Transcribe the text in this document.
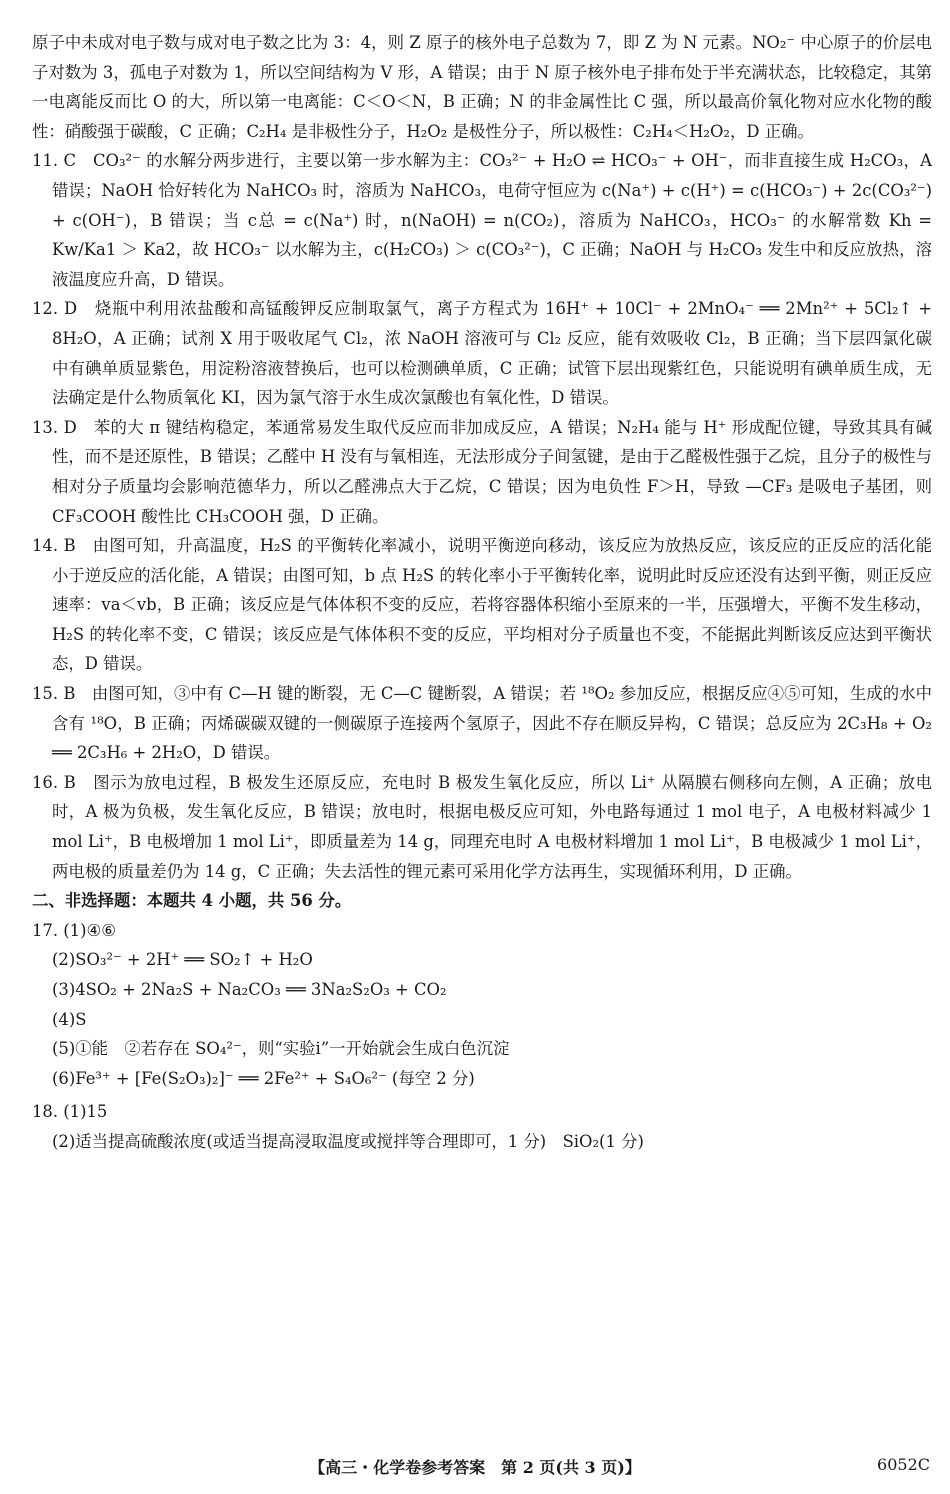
原子中未成对电子数与成对电子数之比为 3：4，则 Z 原子的核外电子总数为 7，即 Z 为 N 元素。NO₂⁻ 中心原子的价层电子对数为 3，孤电子对数为 1，所以空间结构为 V 形，A 错误；由于 N 原子核外电子排布处于半充满状态，比较稳定，其第一电离能反而比 O 的大，所以第一电离能：C＜O＜N，B 正确；N 的非金属性比 C 强，所以最高价氧化物对应水化物的酸性：硝酸强于碳酸，C 正确；C₂H₄ 是非极性分子，H₂O₂ 是极性分子，所以极性：C₂H₄＜H₂O₂，D 正确。

11. C　CO₃²⁻ 的水解分两步进行，主要以第一步水解为主：CO₃²⁻ + H₂O ⇌ HCO₃⁻ + OH⁻，而非直接生成 H₂CO₃，A 错误；NaOH 恰好转化为 NaHCO₃ 时，溶质为 NaHCO₃，电荷守恒应为 c(Na⁺) + c(H⁺) = c(HCO₃⁻) + 2c(CO₃²⁻) + c(OH⁻)，B 错误；当 c总 = c(Na⁺) 时，n(NaOH) = n(CO₂)，溶质为 NaHCO₃，HCO₃⁻ 的水解常数 Kh = Kw/Ka1 ＞ Ka2，故 HCO₃⁻ 以水解为主，c(H₂CO₃) ＞ c(CO₃²⁻)，C 正确；NaOH 与 H₂CO₃ 发生中和反应放热，溶液温度应升高，D 错误。

12. D　烧瓶中利用浓盐酸和高锰酸钾反应制取氯气，离子方程式为 16H⁺ + 10Cl⁻ + 2MnO₄⁻ ══ 2Mn²⁺ + 5Cl₂↑ + 8H₂O，A 正确；试剂 X 用于吸收尾气 Cl₂，浓 NaOH 溶液可与 Cl₂ 反应，能有效吸收 Cl₂，B 正确；当下层四氯化碳中有碘单质显紫色，用淀粉溶液替换后，也可以检测碘单质，C 正确；试管下层出现紫红色，只能说明有碘单质生成，无法确定是什么物质氧化 KI，因为氯气溶于水生成次氯酸也有氧化性，D 错误。

13. D　苯的大 π 键结构稳定，苯通常易发生取代反应而非加成反应，A 错误；N₂H₄ 能与 H⁺ 形成配位键，导致其具有碱性，而不是还原性，B 错误；乙醛中 H 没有与氧相连，无法形成分子间氢键，是由于乙醛极性强于乙烷，且分子的极性与相对分子质量均会影响范德华力，所以乙醛沸点大于乙烷，C 错误；因为电负性 F＞H，导致 —CF₃ 是吸电子基团，则 CF₃COOH 酸性比 CH₃COOH 强，D 正确。

14. B　由图可知，升高温度，H₂S 的平衡转化率减小，说明平衡逆向移动，该反应为放热反应，该反应的正反应的活化能小于逆反应的活化能，A 错误；由图可知，b 点 H₂S 的转化率小于平衡转化率，说明此时反应还没有达到平衡，则正反应速率：va＜vb，B 正确；该反应是气体体积不变的反应，若将容器体积缩小至原来的一半，压强增大，平衡不发生移动，H₂S 的转化率不变，C 错误；该反应是气体体积不变的反应，平均相对分子质量也不变，不能据此判断该反应达到平衡状态，D 错误。

15. B　由图可知，③中有 C—H 键的断裂，无 C—C 键断裂，A 错误；若 ¹⁸O₂ 参加反应，根据反应④⑤可知，生成的水中含有 ¹⁸O，B 正确；丙烯碳碳双键的一侧碳原子连接两个氢原子，因此不存在顺反异构，C 错误；总反应为 2C₃H₈ + O₂ ══ 2C₃H₆ + 2H₂O，D 错误。

16. B　图示为放电过程，B 极发生还原反应，充电时 B 极发生氧化反应，所以 Li⁺ 从隔膜右侧移向左侧，A 正确；放电时，A 极为负极，发生氧化反应，B 错误；放电时，根据电极反应可知，外电路每通过 1 mol 电子，A 电极材料减少 1 mol Li⁺，B 电极增加 1 mol Li⁺，即质量差为 14 g，同理充电时 A 电极材料增加 1 mol Li⁺，B 电极减少 1 mol Li⁺，两电极的质量差仍为 14 g，C 正确；失去活性的锂元素可采用化学方法再生，实现循环利用，D 正确。

二、非选择题：本题共 4 小题，共 56 分。

17. (1)④⑥

(2)SO₃²⁻ + 2H⁺ ══ SO₂↑ + H₂O

(3)4SO₂ + 2Na₂S + Na₂CO₃ ══ 3Na₂S₂O₃ + CO₂

(4)S

(5)①能　②若存在 SO₄²⁻，则“实验ⅰ”一开始就会生成白色沉淀

(6)Fe³⁺ + [Fe(S₂O₃)₂]⁻ ══ 2Fe²⁺ + S₄O₆²⁻ (每空 2 分)

18. (1)15

(2)适当提高硫酸浓度(或适当提高浸取温度或搅拌等合理即可，1 分)　SiO₂(1 分)

【高三・化学卷参考答案　第 2 页(共 3 页)】	6052C
